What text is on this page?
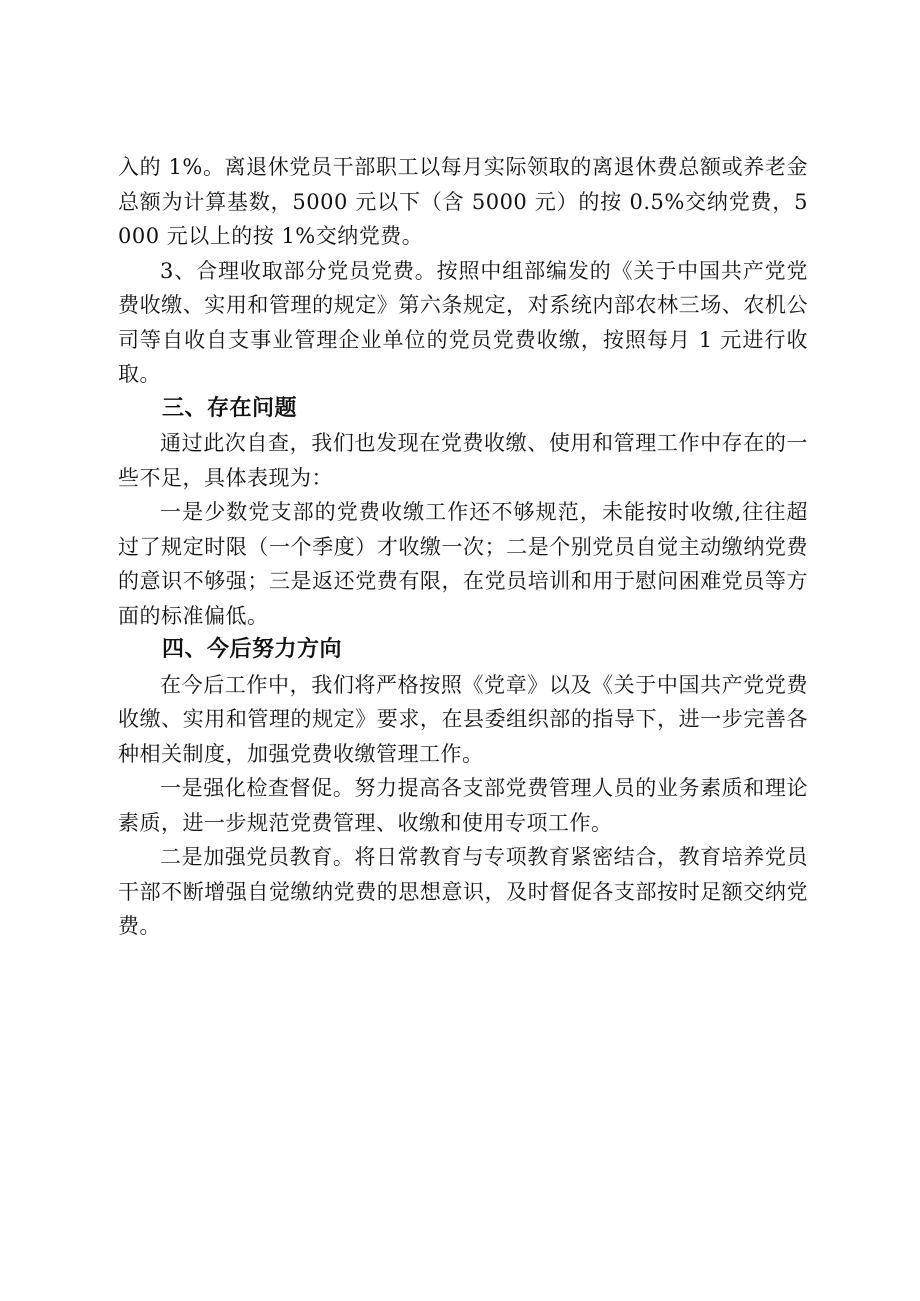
入的 1%。离退休党员干部职工以每月实际领取的离退休费总额或养老金总额为计算基数，5000 元以下（含 5000 元）的按 0.5%交纳党费，5000 元以上的按 1%交纳党费。

3、合理收取部分党员党费。按照中组部编发的《关于中国共产党党费收缴、实用和管理的规定》第六条规定，对系统内部农林三场、农机公司等自收自支事业管理企业单位的党员党费收缴，按照每月 1 元进行收取。

三、存在问题

通过此次自查，我们也发现在党费收缴、使用和管理工作中存在的一些不足，具体表现为：

一是少数党支部的党费收缴工作还不够规范，未能按时收缴,往往超过了规定时限（一个季度）才收缴一次；二是个别党员自觉主动缴纳党费的意识不够强；三是返还党费有限，在党员培训和用于慰问困难党员等方面的标准偏低。

四、今后努力方向

在今后工作中，我们将严格按照《党章》以及《关于中国共产党党费收缴、实用和管理的规定》要求，在县委组织部的指导下，进一步完善各种相关制度，加强党费收缴管理工作。

一是强化检查督促。努力提高各支部党费管理人员的业务素质和理论素质，进一步规范党费管理、收缴和使用专项工作。

二是加强党员教育。将日常教育与专项教育紧密结合，教育培养党员干部不断增强自觉缴纳党费的思想意识，及时督促各支部按时足额交纳党费。
